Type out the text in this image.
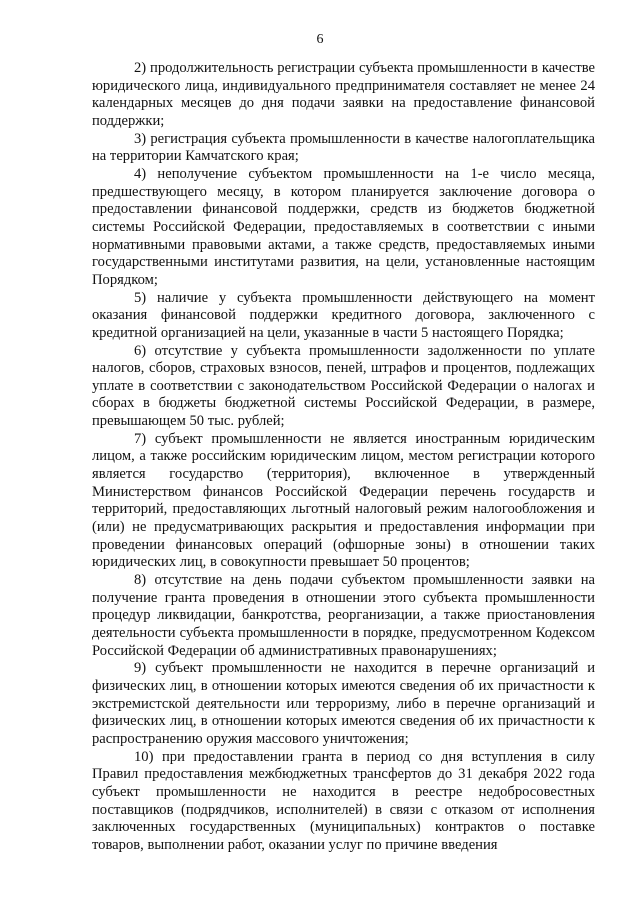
6

2) продолжительность регистрации субъекта промышленности в качестве юридического лица, индивидуального предпринимателя составляет не менее 24 календарных месяцев до дня подачи заявки на предоставление финансовой поддержки;

3) регистрация субъекта промышленности в качестве налогоплательщика на территории Камчатского края;

4) неполучение субъектом промышленности на 1-е число месяца, предшествующего месяцу, в котором планируется заключение договора о предоставлении финансовой поддержки, средств из бюджетов бюджетной системы Российской Федерации, предоставляемых в соответствии с иными нормативными правовыми актами, а также средств, предоставляемых иными государственными институтами развития, на цели, установленные настоящим Порядком;

5) наличие у субъекта промышленности действующего на момент оказания финансовой поддержки кредитного договора, заключенного с кредитной организацией на цели, указанные в части 5 настоящего Порядка;

6) отсутствие у субъекта промышленности задолженности по уплате налогов, сборов, страховых взносов, пеней, штрафов и процентов, подлежащих уплате в соответствии с законодательством Российской Федерации о налогах и сборах в бюджеты бюджетной системы Российской Федерации, в размере, превышающем 50 тыс. рублей;

7) субъект промышленности не является иностранным юридическим лицом, а также российским юридическим лицом, местом регистрации которого является государство (территория), включенное в утвержденный Министерством финансов Российской Федерации перечень государств и территорий, предоставляющих льготный налоговый режим налогообложения и (или) не предусматривающих раскрытия и предоставления информации при проведении финансовых операций (офшорные зоны) в отношении таких юридических лиц, в совокупности превышает 50 процентов;

8) отсутствие на день подачи субъектом промышленности заявки на получение гранта проведения в отношении этого субъекта промышленности процедур ликвидации, банкротства, реорганизации, а также приостановления деятельности субъекта промышленности в порядке, предусмотренном Кодексом Российской Федерации об административных правонарушениях;

9) субъект промышленности не находится в перечне организаций и физических лиц, в отношении которых имеются сведения об их причастности к экстремистской деятельности или терроризму, либо в перечне организаций и физических лиц, в отношении которых имеются сведения об их причастности к распространению оружия массового уничтожения;

10) при предоставлении гранта в период со дня вступления в силу Правил предоставления межбюджетных трансфертов до 31 декабря 2022 года субъект промышленности не находится в реестре недобросовестных поставщиков (подрядчиков, исполнителей) в связи с отказом от исполнения заключенных государственных (муниципальных) контрактов о поставке товаров, выполнении работ, оказании услуг по причине введения
